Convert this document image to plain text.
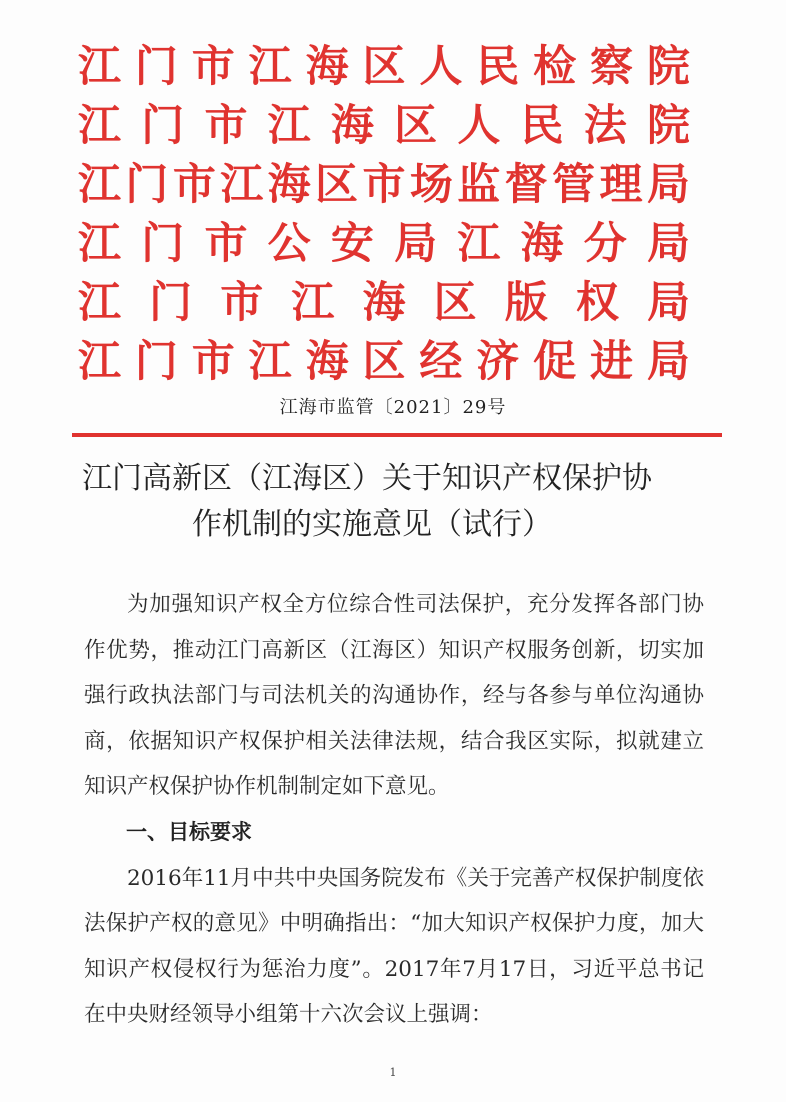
江 门 市 江 海 区 人 民 检 察 院
江 门 市 江 海 区 人 民 法 院
江 门 市 江 海 区 市 场 监 督 管 理 局
江 门 市 公 安 局 江 海 分 局
江 门 市 江 海 区 版 权 局
江 门 市 江 海 区 经 济 促 进 局
江海市监管〔2021〕29号
江门高新区（江海区）关于知识产权保护协
作机制的实施意见（试行）

为加强知识产权全方位综合性司法保护，充分发挥各部门协作优势，推动江门高新区（江海区）知识产权服务创新，切实加强行政执法部门与司法机关的沟通协作，经与各参与单位沟通协商，依据知识产权保护相关法律法规，结合我区实际，拟就建立知识产权保护协作机制制定如下意见。

一、目标要求

2016年11月中共中央国务院发布《关于完善产权保护制度依法保护产权的意见》中明确指出：“加大知识产权保护力度，加大知识产权侵权行为惩治力度”。2017年7月17日，习近平总书记在中央财经领导小组第十六次会议上强调：

1
